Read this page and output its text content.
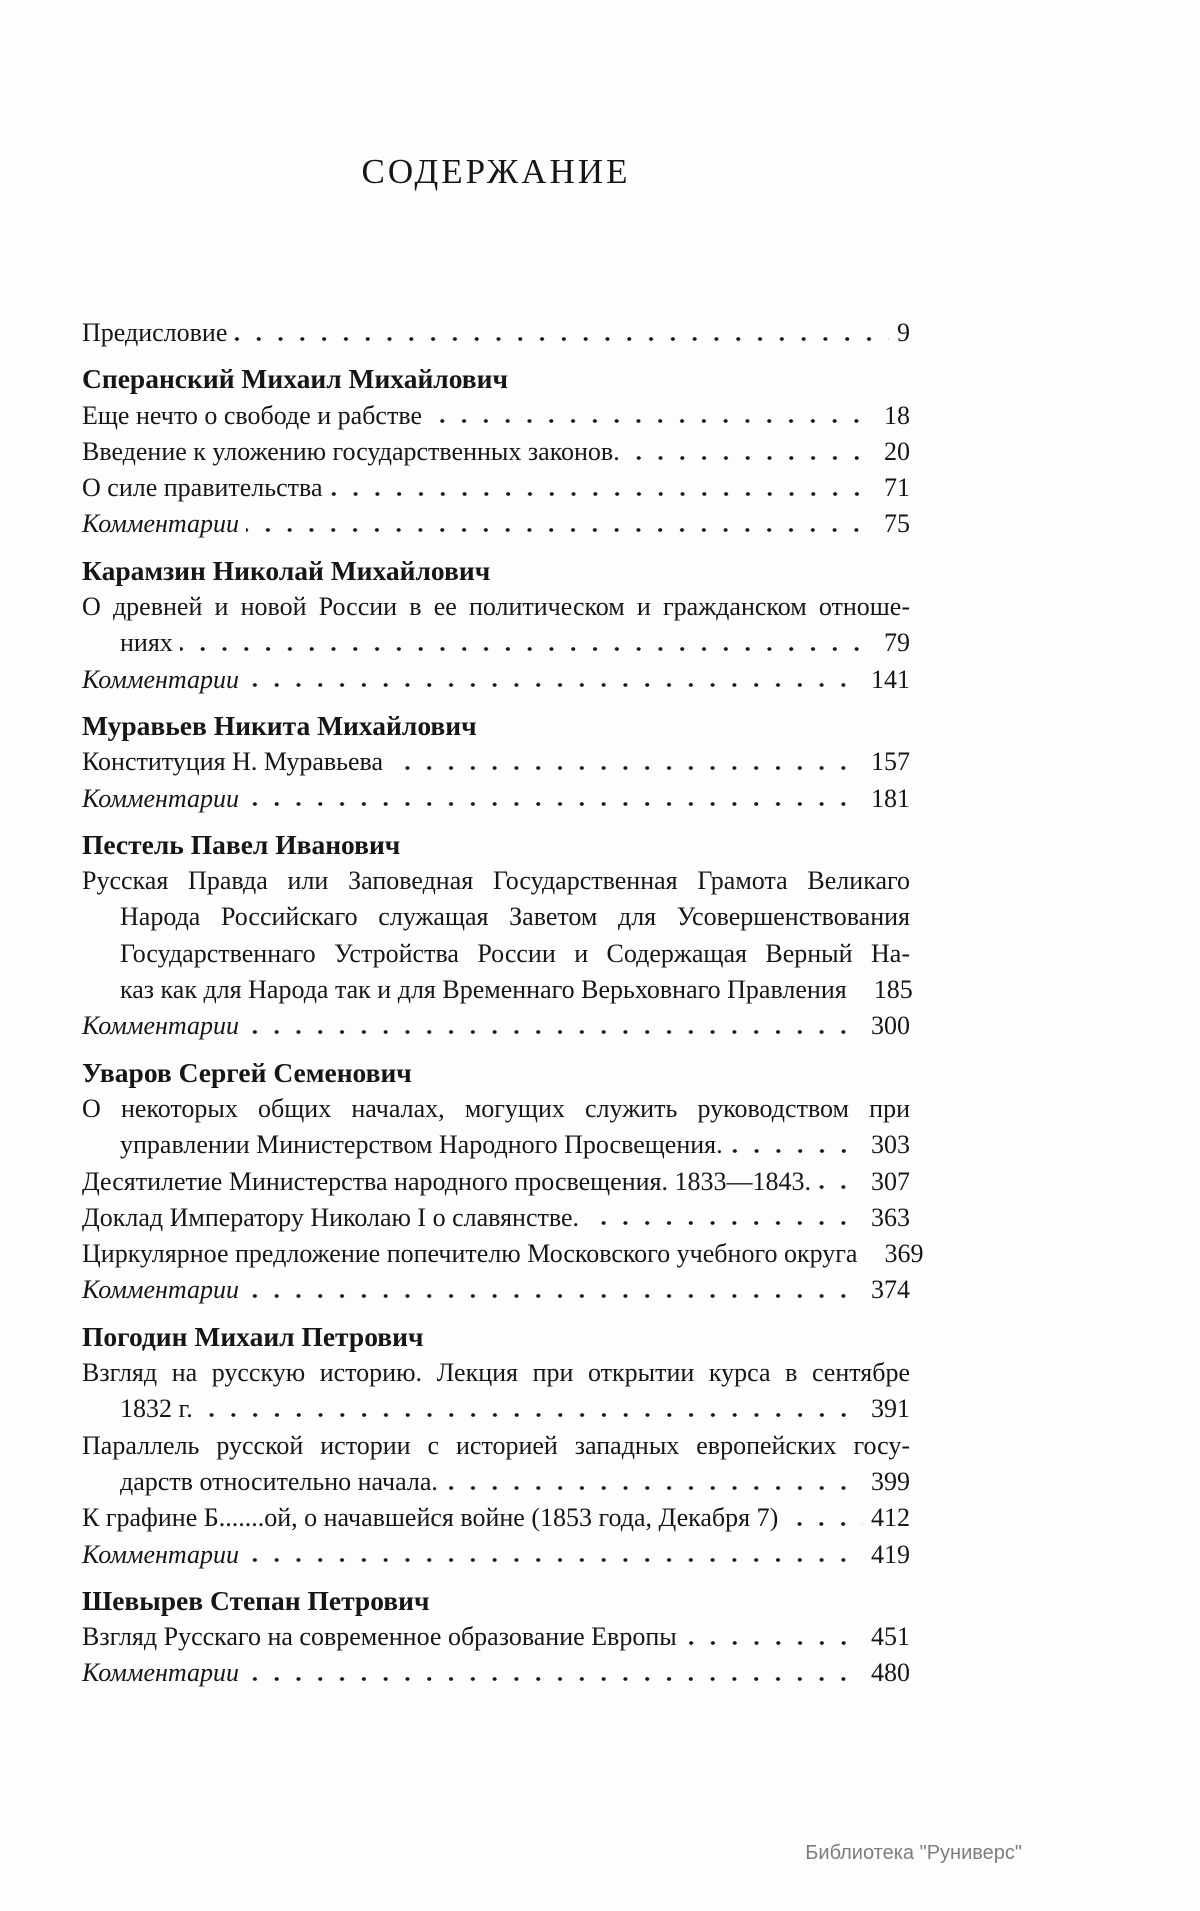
СОДЕРЖАНИЕ
Предисловие	9
Сперанский Михаил Михайлович
Еще нечто о свободе и рабстве	18
Введение к уложению государственных законов.	20
О силе правительства	71
Комментарии	75
Карамзин Николай Михайлович
О древней и новой России в ее политическом и гражданском отноше-
ниях	79
Комментарии	141
Муравьев Никита Михайлович
Конституция Н. Муравьева	157
Комментарии	181
Пестель Павел Иванович
Русская Правда или Заповедная Государственная Грамота Великаго
Народа Российскаго служащая Заветом для Усовершенствования
Государственнаго Устройства России и Содержащая Верный На-
каз как для Народа так и для Временнаго Верьховнаго Правления 185
Комментарии	300
Уваров Сергей Семенович
О некоторых общих началах, могущих служить руководством при
управлении Министерством Народного Просвещения.	303
Десятилетие Министерства народного просвещения. 1833—1843. 307
Доклад Императору Николаю I о славянстве.	363
Циркулярное предложение попечителю Московского учебного округа 369
Комментарии	374
Погодин Михаил Петрович
Взгляд на русскую историю. Лекция при открытии курса в сентябре
1832 г.	391
Параллель русской истории с историей западных европейских госу-
дарств относительно начала.	399
К графине Б.......ой, о начавшейся войне (1853 года, Декабря 7)	412
Комментарии	419
Шевырев Степан Петрович
Взгляд Русскаго на современное образование Европы	451
Комментарии	480
Библиотека "Руниверс"
